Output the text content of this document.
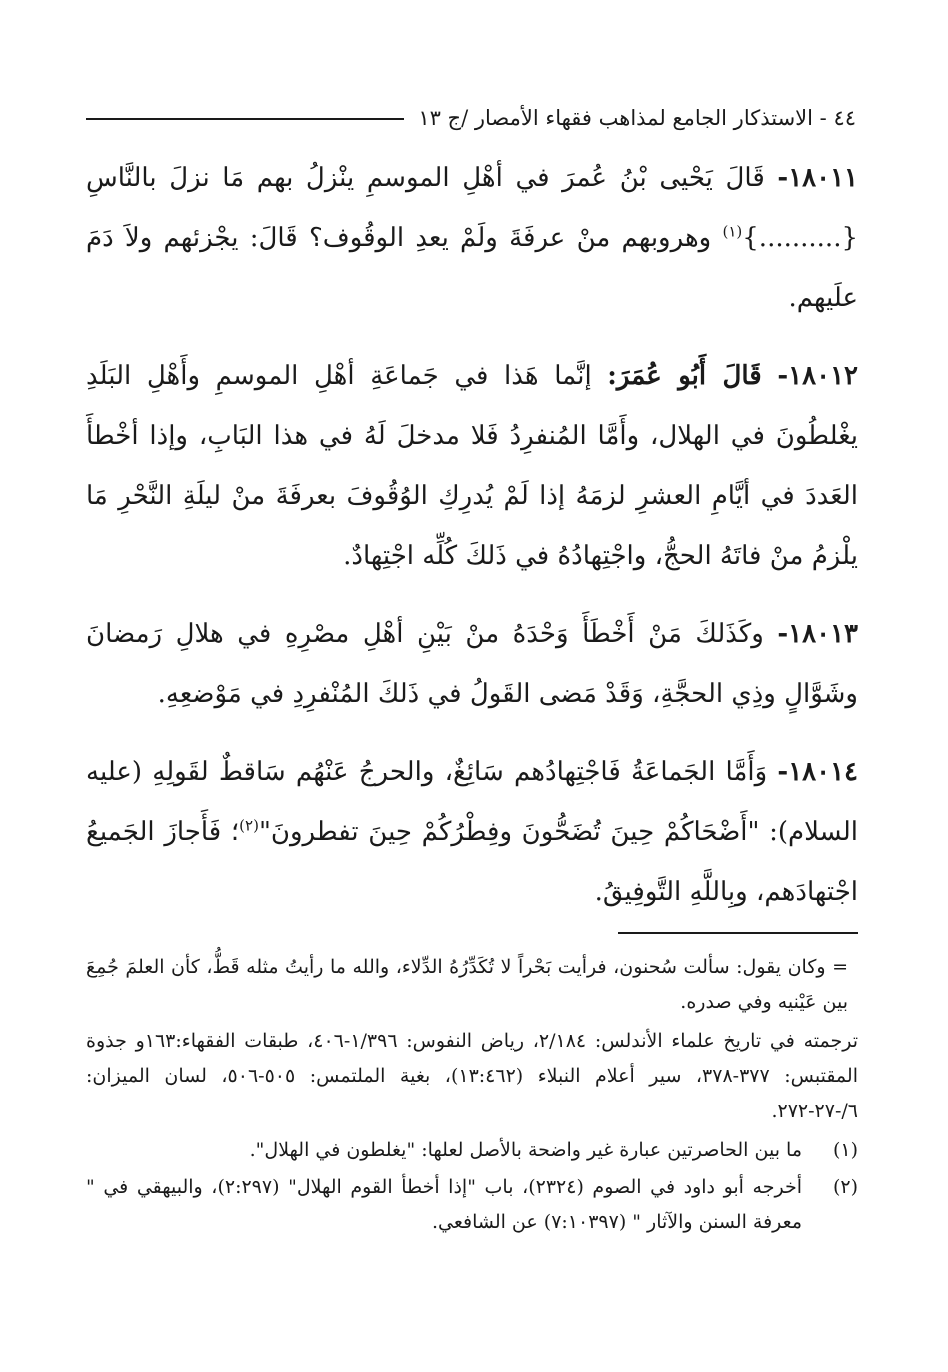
٤٤ - الاستذكار الجامع لمذاهب فقهاء الأمصار /ج ١٣

١٨٠١١- قَالَ يَحْيى بْنُ عُمرَ في أهْلِ الموسمِ ينْزلُ بهم مَا نزلَ بالنَّاسِ {..........}$^{(١)}$ وهروبهم منْ عرفَةَ ولَمْ يعدِ الوقُوف؟ قَالَ: يجْزئهم ولاَ دَمَ علَيهم.

١٨٠١٢- قَالَ أَبُو عُمَرَ: إنَّما هَذا في جَماعَةِ أهْلِ الموسمِ وأَهْلِ البَلَدِ يغْلطُونَ في الهلال، وأَمَّا المُنفرِدُ فَلا مدخلَ لَهُ في هذا البَابِ، وإذا أخْطأَ العَددَ في أيَّامِ العشرِ لزمَهُ إذا لَمْ يُدرِكِ الوُقُوفَ بعرفَةَ منْ ليلَةِ النَّحْرِ مَا يلْزمُ منْ فاتَهُ الحجُّ، واجْتِهادُهُ في ذَلكَ كُلِّه اجْتِهادٌ.

١٨٠١٣- وكَذَلكَ مَنْ أَخْطَأَ وَحْدَهُ منْ بَيْنِ أهْلِ مصْرِهِ في هلالِ رَمضانَ وشَوَّالٍ وذِي الحجَّةِ، وَقَدْ مَضى القَولُ في ذَلكَ المُنْفرِدِ في مَوْضعِهِ.

١٨٠١٤- وَأَمَّا الجَماعَةُ فَاجْتِهادُهم سَائِغٌ، والحرجُ عَنْهُم سَاقطٌ لقَولِهِ (عليه السلام): "أَضْحَاكُمْ حِينَ تُضَحُّونَ وفِطْرُكُمْ حِينَ تفطرونَ"$^{(٢)}$؛ فَأَجازَ الجَميعُ اجْتهادَهم، وبِاللَّهِ التَّوفِيقُ.

= وكان يقول: سألت سُحنون، فرأيت بَحْراً لا تُكَدِّرُهُ الدِّلاء، والله ما رأيتُ مثله قَطُّ، كأن العلمَ جُمِعَ بين عَيْنيه وفي صدره.

ترجمته في تاريخ علماء الأندلس: ٢/١٨٤، رياض النفوس: ١/٣٩٦-٤٠٦، طبقات الفقهاء:١٦٣و جذوة المقتبس: ٣٧٧-٣٧٨، سير أعلام النبلاء (١٣:٤٦٢)، بغية الملتمس: ٥٠٥-٥٠٦، لسان الميزان: ٦/-٢٧-٢٧٢.

(١)
ما بين الحاصرتين عبارة غير واضحة بالأصل لعلها: "يغلطون في الهلال".
(٢)
أخرجه أبو داود في الصوم (٢٣٢٤)، باب "إذا أخطأ القوم الهلال" (٢:٢٩٧)، والبيهقي في " معرفة السنن والآثار " (٧:١٠٣٩٧) عن الشافعي.
